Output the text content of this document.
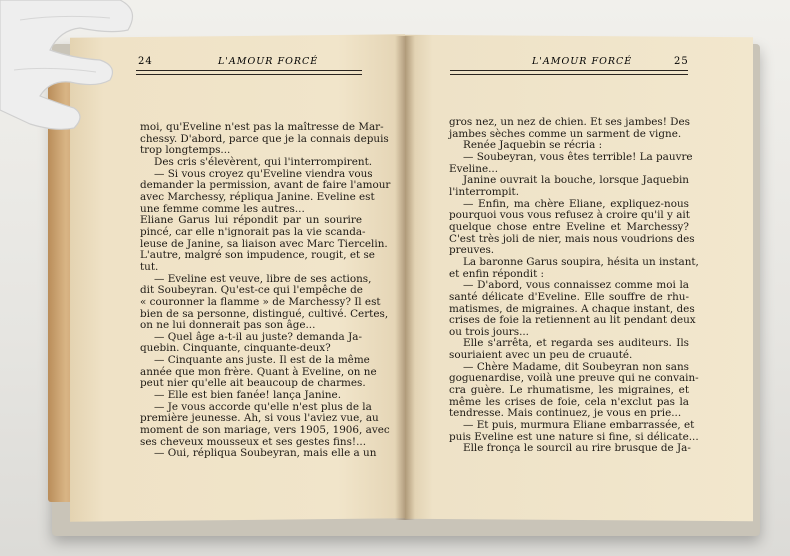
24	L'AMOUR FORCÉ	L'AMOUR FORCÉ	25
moi, qu'Eveline n'est pas la maîtresse de Mar-
chessy. D'abord, parce que je la connais depuis
trop longtemps...
Des cris s'élevèrent, qui l'interrompirent.
— Si vous croyez qu'Eveline viendra vous
demander la permission, avant de faire l'amour
avec Marchessy, répliqua Janine. Eveline est
une femme comme les autres...
Eliane Garus lui répondit par un sourire
pincé, car elle n'ignorait pas la vie scanda-
leuse de Janine, sa liaison avec Marc Tiercelin.
L'autre, malgré son impudence, rougit, et se
tut.
— Eveline est veuve, libre de ses actions,
dit Soubeyran. Qu'est-ce qui l'empêche de
« couronner la flamme » de Marchessy? Il est
bien de sa personne, distingué, cultivé. Certes,
on ne lui donnerait pas son âge...
— Quel âge a-t-il au juste? demanda Ja-
quebin. Cinquante, cinquante-deux?
— Cinquante ans juste. Il est de la même
année que mon frère. Quant à Eveline, on ne
peut nier qu'elle ait beaucoup de charmes.
— Elle est bien fanée! lança Janine.
— Je vous accorde qu'elle n'est plus de la
première jeunesse. Ah, si vous l'aviez vue, au
moment de son mariage, vers 1905, 1906, avec
ses cheveux mousseux et ses gestes fins!...
— Oui, répliqua Soubeyran, mais elle a un
gros nez, un nez de chien. Et ses jambes! Des
jambes sèches comme un sarment de vigne.
Renée Jaquebin se récria :
— Soubeyran, vous êtes terrible! La pauvre
Eveline...
Janine ouvrait la bouche, lorsque Jaquebin
l'interrompit.
— Enfin, ma chère Eliane, expliquez-nous
pourquoi vous vous refusez à croire qu'il y ait
quelque chose entre Eveline et Marchessy?
C'est très joli de nier, mais nous voudrions des
preuves.
La baronne Garus soupira, hésita un instant,
et enfin répondit :
— D'abord, vous connaissez comme moi la
santé délicate d'Eveline. Elle souffre de rhu-
matismes, de migraines. A chaque instant, des
crises de foie la retiennent au lit pendant deux
ou trois jours...
Elle s'arrêta, et regarda ses auditeurs. Ils
souriaient avec un peu de cruauté.
— Chère Madame, dit Soubeyran non sans
goguenardise, voilà une preuve qui ne convain-
cra guère. Le rhumatisme, les migraines, et
même les crises de foie, cela n'exclut pas la
tendresse. Mais continuez, je vous en prie...
— Et puis, murmura Eliane embarrassée, et
puis Eveline est une nature si fine, si délicate...
Elle fronça le sourcil au rire brusque de Ja-
